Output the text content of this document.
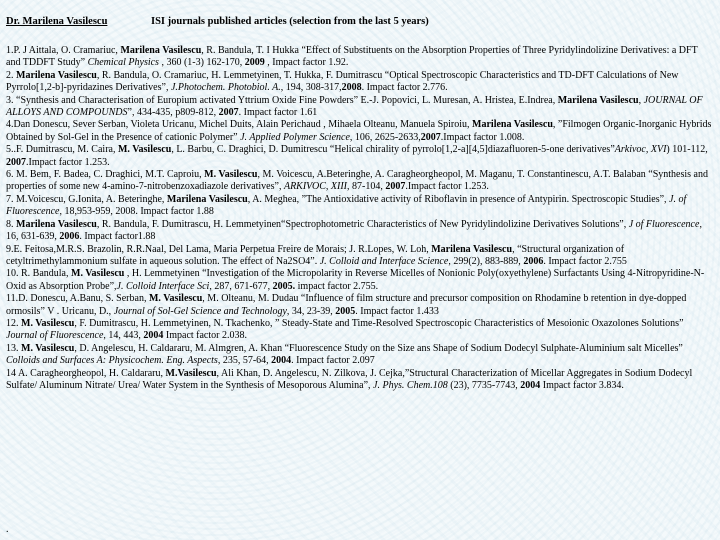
Dr. Marilena Vasilescu	ISI journals published articles (selection from the last 5 years)

1.P. J Aittala, O. Cramariuc, Marilena Vasilescu, R. Bandula, T. I Hukka “Effect of Substituents on the Absorption Properties of Three Pyridylindolizine Derivatives: a DFT and TDDFT Study” Chemical Physics , 360 (1-3) 162-170, 2009 , Impact factor 1.92.

2. Marilena Vasilescu, R. Bandula, O. Cramariuc, H. Lemmetyinen, T. Hukka, F. Dumitrascu “Optical Spectroscopic Characteristics and TD-DFT Calculations of New Pyrrolo[1,2-b]-pyridazines Derivatives”, J.Photochem. Photobiol. A., 194, 308-317,2008. Impact factor 2.776.

3. “Synthesis and Characterisation of Europium activated Yttrium Oxide Fine Powders” E.-J. Popovici, L. Muresan, A. Hristea, E.Indrea, Marilena Vasilescu, JOURNAL OF ALLOYS AND COMPOUNDS”, 434-435, p809-812, 2007. Impact factor 1.61

4.Dan Donescu, Sever Serban, Violeta Uricanu, Michel Duits, Alain Perichaud , Mihaela Olteanu, Manuela Spiroiu, Marilena Vasilescu, ”Filmogen Organic-Inorganic Hybrids Obtained by Sol-Gel in the Presence of cationic Polymer” J. Applied Polymer Science, 106, 2625-2633,2007.Impact factor 1.008.

5..F. Dumitrascu, M. Caira, M. Vasilescu, L. Barbu, C. Draghici, D. Dumitrescu “Helical chirality of pyrrolo[1,2-a][4,5]diazafluoren-5-one derivatives”Arkivoc, XVI) 101-112, 2007.Impact factor 1.253.

6. M. Bem, F. Badea, C. Draghici, M.T. Caproiu, M. Vasilescu, M. Voicescu, A.Beteringhe, A. Caragheorgheopol, M. Maganu, T. Constantinescu, A.T. Balaban “Synthesis and properties of some new 4-amino-7-nitrobenzoxadiazole derivatives”, ARKIVOC, XIII, 87-104, 2007.Impact factor 1.253.

7. M.Voicescu, G.Ionita, A. Beteringhe, Marilena Vasilescu, A. Meghea, ”The Antioxidative activity of Riboflavin in presence of Antypirin. Spectroscopic Studies”, J. of Fluorescence, 18,953-959, 2008. Impact factor 1.88

8. Marilena Vasilescu, R. Bandula, F. Dumitrascu, H. Lemmetyinen“Spectrophotometric Characteristics of New Pyridylindolizine Derivatives Solutions”, J of Fluorescence, 16, 631-639, 2006. Impact factor1.88

9.E. Feitosa,M.R.S. Brazolin, R.R.Naal, Del Lama, Maria Perpetua Freire de Morais; J. R.Lopes, W. Loh, Marilena Vasilescu, “Structural organization of cetyltrimethylammonium sulfate in aqueous solution. The effect of Na2SO4”. J. Colloid and Interface Science, 299(2), 883-889, 2006. Impact factor 2.755

10. R. Bandula, M. Vasilescu , H. Lemmetyinen “Investigation of the Micropolarity in Reverse Micelles of Nonionic Poly(oxyethylene) Surfactants Using 4-Nitropyridine-N-Oxid as Absorption Probe”,J. Colloid Interface Sci, 287, 671-677, 2005. impact factor 2.755.

11.D. Donescu, A.Banu, S. Serban, M. Vasilescu, M. Olteanu, M. Dudau “Influence of film structure and precursor composition on Rhodamine b retention in dye-dopped ormosils” V . Uricanu, D., Journal of Sol-Gel Science and Technology, 34, 23-39, 2005. Impact factor 1.433

12. M. Vasilescu, F. Dumitrascu, H. Lemmetyinen, N. Tkachenko, ” Steady-State and Time-Resolved Spectroscopic Characteristics of Mesoionic Oxazolones Solutions” Journal of Fluorescence, 14, 443, 2004 Impact factor 2.038.

13. M. Vasilescu, D. Angelescu, H. Caldararu, M. Almgren, A. Khan “Fluorescence Study on the Size ans Shape of Sodium Dodecyl Sulphate-Aluminium salt Micelles” Colloids and Surfaces A: Physicochem. Eng. Aspects, 235, 57-64, 2004. Impact factor 2.097

14 A. Caragheorgheopol, H. Caldararu, M.Vasilescu, Ali Khan, D. Angelescu, N. Zilkova, J. Cejka,”Structural Characterization of Micellar Aggregates in Sodium Dodecyl Sulfate/ Aluminum Nitrate/ Urea/ Water System in the Synthesis of Mesoporous Alumina”, J. Phys. Chem.108 (23), 7735-7743, 2004 Impact factor 3.834.

.
